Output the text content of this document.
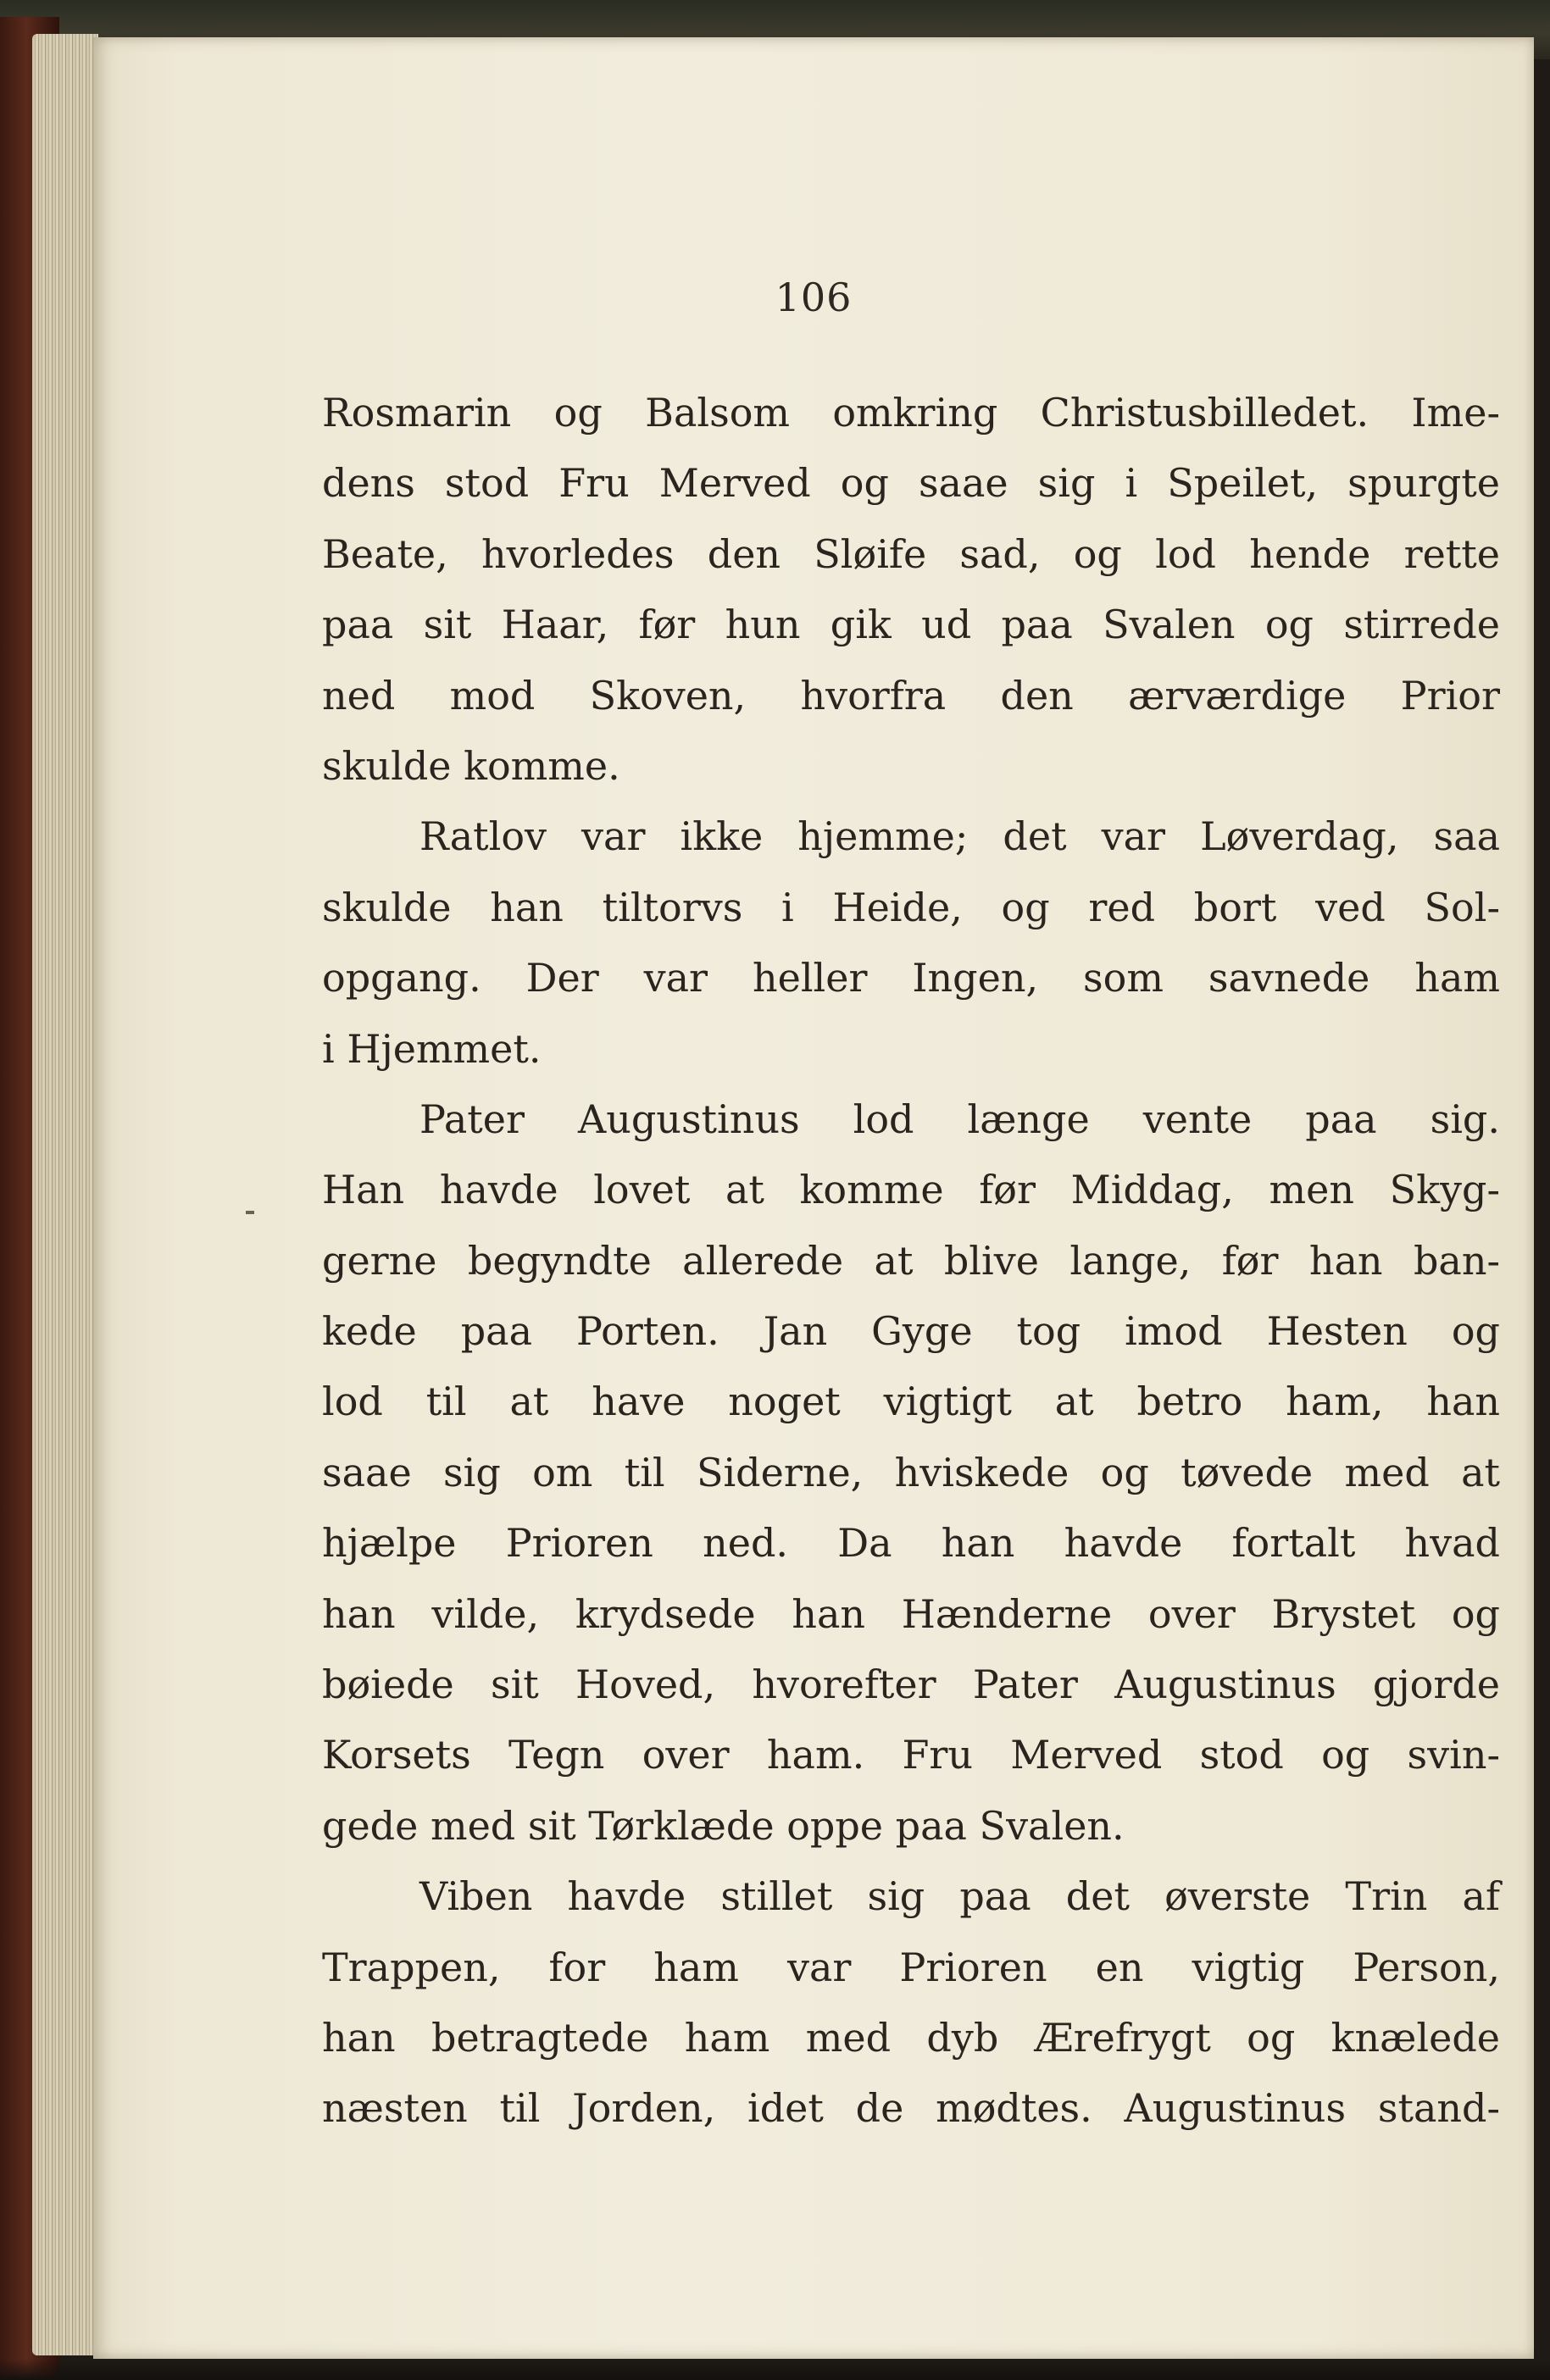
106
Rosmarin og Balsom omkring Christusbilledet. Ime-
dens stod Fru Merved og saae sig i Speilet, spurgte
Beate, hvorledes den Sløife sad, og lod hende rette
paa sit Haar, før hun gik ud paa Svalen og stirrede
ned mod Skoven, hvorfra den ærværdige Prior
skulde komme.
Ratlov var ikke hjemme; det var Løverdag, saa
skulde han tiltorvs i Heide, og red bort ved Sol-
opgang. Der var heller Ingen, som savnede ham
i Hjemmet.
Pater Augustinus lod længe vente paa sig.
Han havde lovet at komme før Middag, men Skyg-
gerne begyndte allerede at blive lange, før han ban-
kede paa Porten. Jan Gyge tog imod Hesten og
lod til at have noget vigtigt at betro ham, han
saae sig om til Siderne, hviskede og tøvede med at
hjælpe Prioren ned. Da han havde fortalt hvad
han vilde, krydsede han Hænderne over Brystet og
bøiede sit Hoved, hvorefter Pater Augustinus gjorde
Korsets Tegn over ham. Fru Merved stod og svin-
gede med sit Tørklæde oppe paa Svalen.
Viben havde stillet sig paa det øverste Trin af
Trappen, for ham var Prioren en vigtig Person,
han betragtede ham med dyb Ærefrygt og knælede
næsten til Jorden, idet de mødtes. Augustinus stand-
